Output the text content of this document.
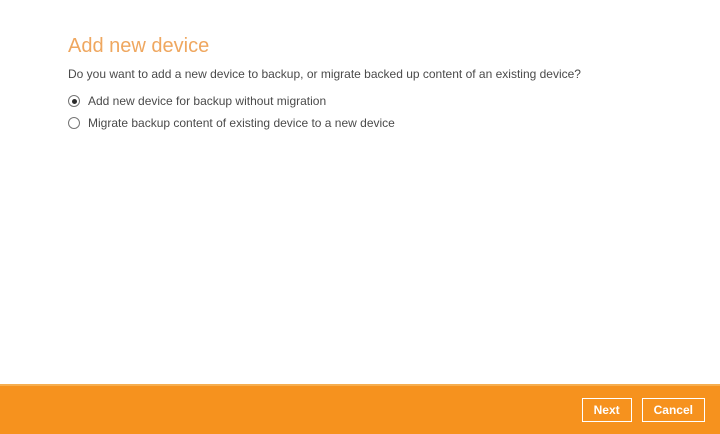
Add new device

Do you want to add a new device to backup, or migrate backed up content of an existing device?

Add new device for backup without migration
Migrate backup content of existing device to a new device
Next	Cancel
